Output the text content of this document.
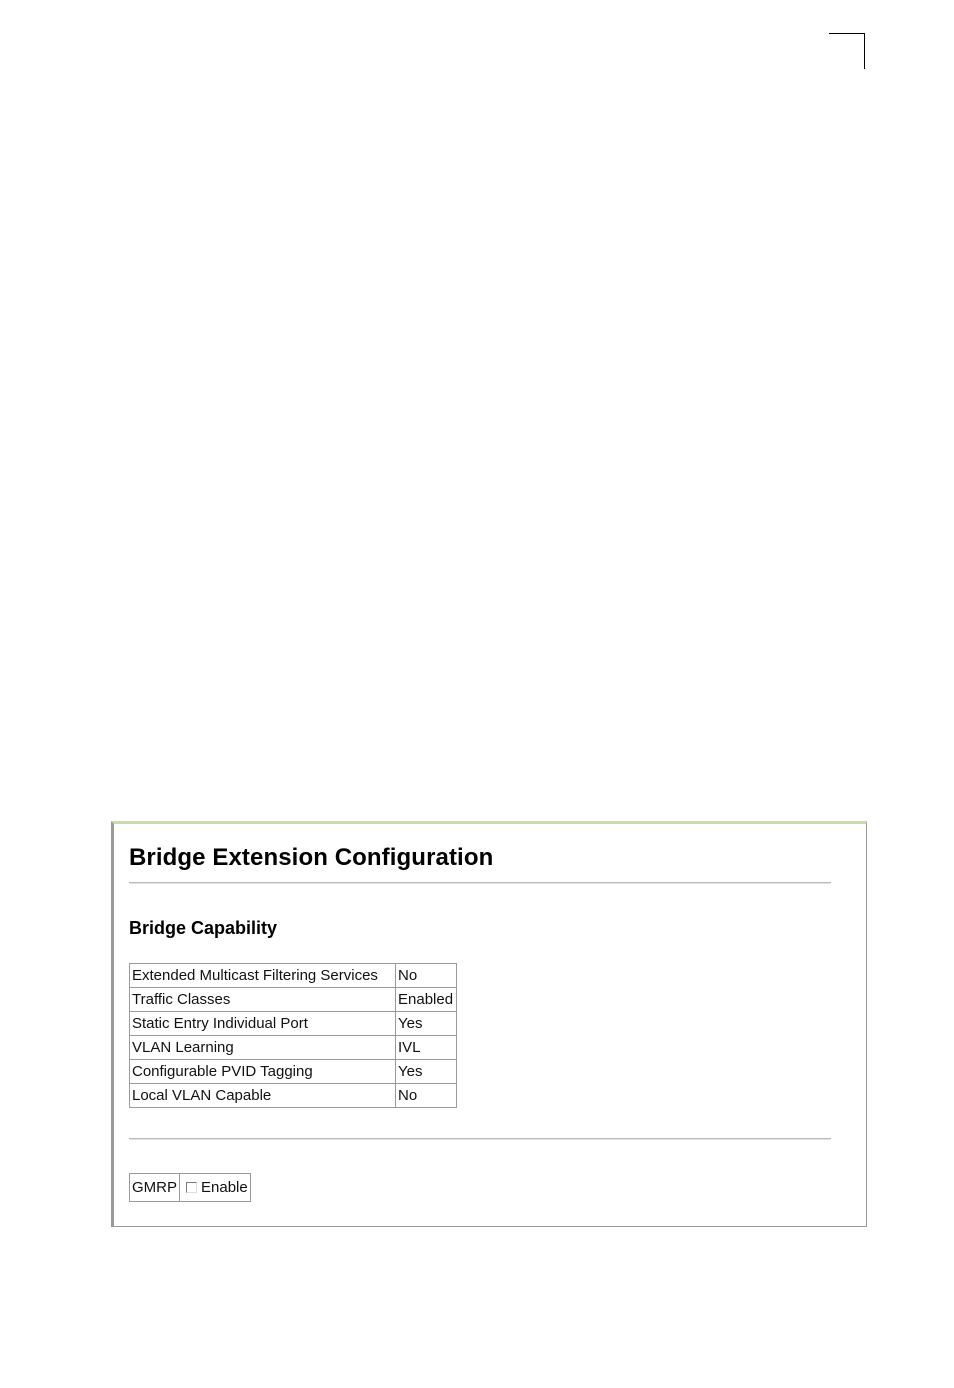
Bridge Extension Configuration
Bridge Capability
Extended Multicast Filtering Services	No
Traffic Classes	Enabled
Static Entry Individual Port	Yes
VLAN Learning	IVL
Configurable PVID Tagging	Yes
Local VLAN Capable	No
GMRP	Enable
